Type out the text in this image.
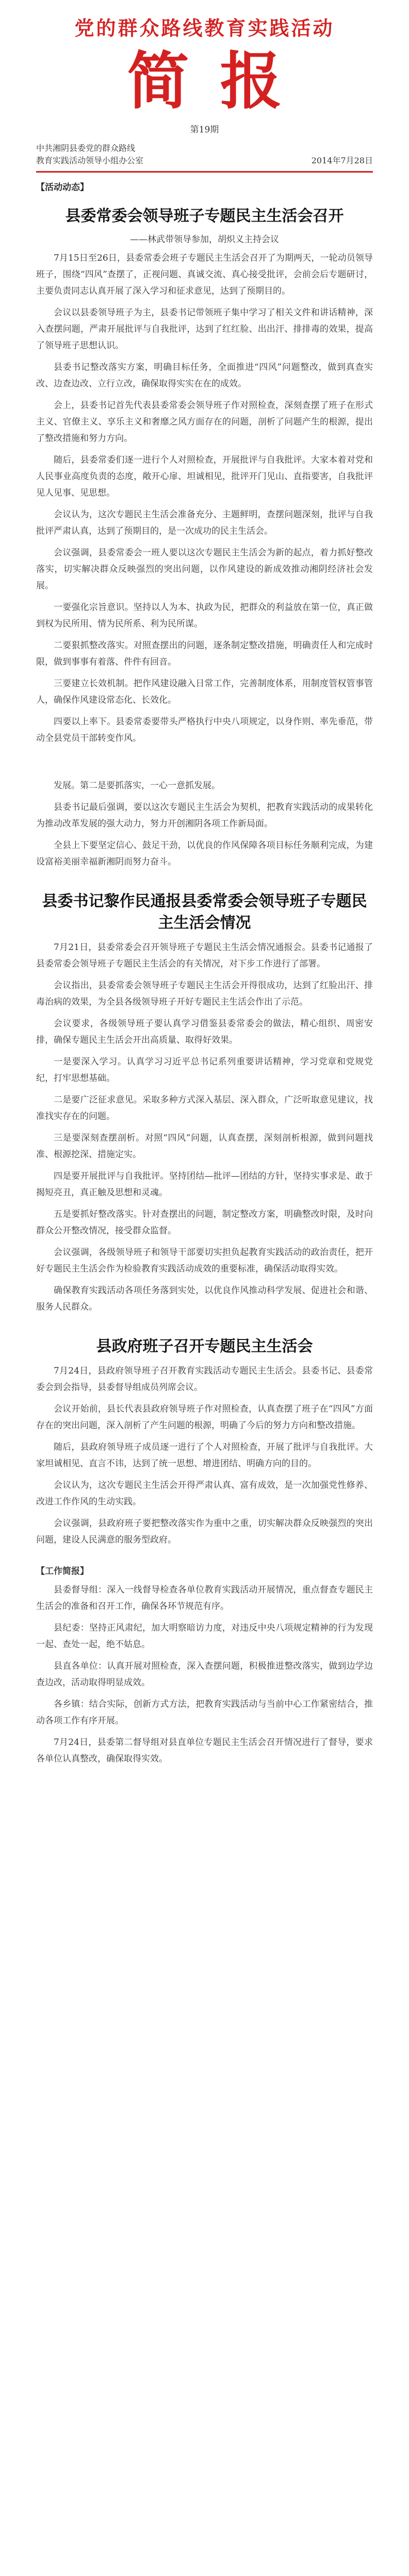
党的群众路线教育实践活动
简报
第19期
中共湘阴县委党的群众路线
教育实践活动领导小组办公室	2014年7月28日
【活动动态】
县委常委会领导班子专题民主生活会召开
——林武带领导参加，胡炽义主持会议

7月15日至26日，县委常委会班子专题民主生活会召开了为期两天，一轮动员领导班子，围绕“四风”查摆了，正视问题、真诚交流、真心接受批评，会前会后专题研讨，主要负责同志认真开展了深入学习和征求意见，达到了预期目的。

会议以县委领导班子为主，县委书记带领班子集中学习了相关文件和讲话精神，深入查摆问题，严肃开展批评与自我批评，达到了红红脸、出出汗、排排毒的效果，提高了领导班子思想认识。

县委书记整改落实方案，明确目标任务，全面推进“四风”问题整改，做到真查实改、边查边改、立行立改，确保取得实实在在的成效。

会上，县委书记首先代表县委常委会领导班子作对照检查，深刻查摆了班子在形式主义、官僚主义、享乐主义和奢靡之风方面存在的问题，剖析了问题产生的根源，提出了整改措施和努力方向。

随后，县委常委们逐一进行个人对照检查，开展批评与自我批评。大家本着对党和人民事业高度负责的态度，敞开心扉、坦诚相见，批评开门见山、直指要害，自我批评见人见事、见思想。

会议认为，这次专题民主生活会准备充分、主题鲜明，查摆问题深刻，批评与自我批评严肃认真，达到了预期目的，是一次成功的民主生活会。

会议强调，县委常委会一班人要以这次专题民主生活会为新的起点，着力抓好整改落实，切实解决群众反映强烈的突出问题，以作风建设的新成效推动湘阴经济社会发展。

一要强化宗旨意识。坚持以人为本、执政为民，把群众的利益放在第一位，真正做到权为民所用、情为民所系、利为民所谋。

二要狠抓整改落实。对照查摆出的问题，逐条制定整改措施，明确责任人和完成时限，做到事事有着落、件件有回音。

三要建立长效机制。把作风建设融入日常工作，完善制度体系，用制度管权管事管人，确保作风建设常态化、长效化。

四要以上率下。县委常委要带头严格执行中央八项规定，以身作则、率先垂范，带动全县党员干部转变作风。

发展。第二是要抓落实，一心一意抓发展。

县委书记最后强调，要以这次专题民主生活会为契机，把教育实践活动的成果转化为推动改革发展的强大动力，努力开创湘阴各项工作新局面。

全县上下要坚定信心、鼓足干劲，以优良的作风保障各项目标任务顺利完成，为建设富裕美丽幸福新湘阴而努力奋斗。

县委书记黎作民通报县委常委会领导班子专题民主生活会情况

7月21日，县委常委会召开领导班子专题民主生活会情况通报会。县委书记通报了县委常委会领导班子专题民主生活会的有关情况，对下步工作进行了部署。

会议指出，县委常委会领导班子专题民主生活会开得很成功，达到了红脸出汗、排毒治病的效果，为全县各级领导班子开好专题民主生活会作出了示范。

会议要求，各级领导班子要认真学习借鉴县委常委会的做法，精心组织、周密安排，确保专题民主生活会开出高质量、取得好效果。

一是要深入学习。认真学习习近平总书记系列重要讲话精神，学习党章和党规党纪，打牢思想基础。

二是要广泛征求意见。采取多种方式深入基层、深入群众，广泛听取意见建议，找准找实存在的问题。

三是要深刻查摆剖析。对照“四风”问题，认真查摆，深刻剖析根源，做到问题找准、根源挖深、措施定实。

四是要开展批评与自我批评。坚持团结—批评—团结的方针，坚持实事求是、敢于揭短亮丑，真正触及思想和灵魂。

五是要抓好整改落实。针对查摆出的问题，制定整改方案，明确整改时限，及时向群众公开整改情况，接受群众监督。

会议强调，各级领导班子和领导干部要切实担负起教育实践活动的政治责任，把开好专题民主生活会作为检验教育实践活动成效的重要标准，确保活动取得实效。

确保教育实践活动各项任务落到实处，以优良作风推动科学发展、促进社会和谐、服务人民群众。

县政府班子召开专题民主生活会

7月24日，县政府领导班子召开教育实践活动专题民主生活会。县委书记、县委常委会到会指导，县委督导组成员列席会议。

会议开始前，县长代表县政府领导班子作对照检查，认真查摆了班子在“四风”方面存在的突出问题，深入剖析了产生问题的根源，明确了今后的努力方向和整改措施。

随后，县政府领导班子成员逐一进行了个人对照检查，开展了批评与自我批评。大家坦诚相见、直言不讳，达到了统一思想、增进团结、明确方向的目的。

会议认为，这次专题民主生活会开得严肃认真、富有成效，是一次加强党性修养、改进工作作风的生动实践。

会议强调，县政府班子要把整改落实作为重中之重，切实解决群众反映强烈的突出问题，建设人民满意的服务型政府。

【工作简报】

县委督导组：深入一线督导检查各单位教育实践活动开展情况，重点督查专题民主生活会的准备和召开工作，确保各环节规范有序。

县纪委：坚持正风肃纪，加大明察暗访力度，对违反中央八项规定精神的行为发现一起、查处一起，绝不姑息。

县直各单位：认真开展对照检查，深入查摆问题，积极推进整改落实，做到边学边查边改，活动取得明显成效。

各乡镇：结合实际，创新方式方法，把教育实践活动与当前中心工作紧密结合，推动各项工作有序开展。

7月24日，县委第二督导组对县直单位专题民主生活会召开情况进行了督导，要求各单位认真整改，确保取得实效。
